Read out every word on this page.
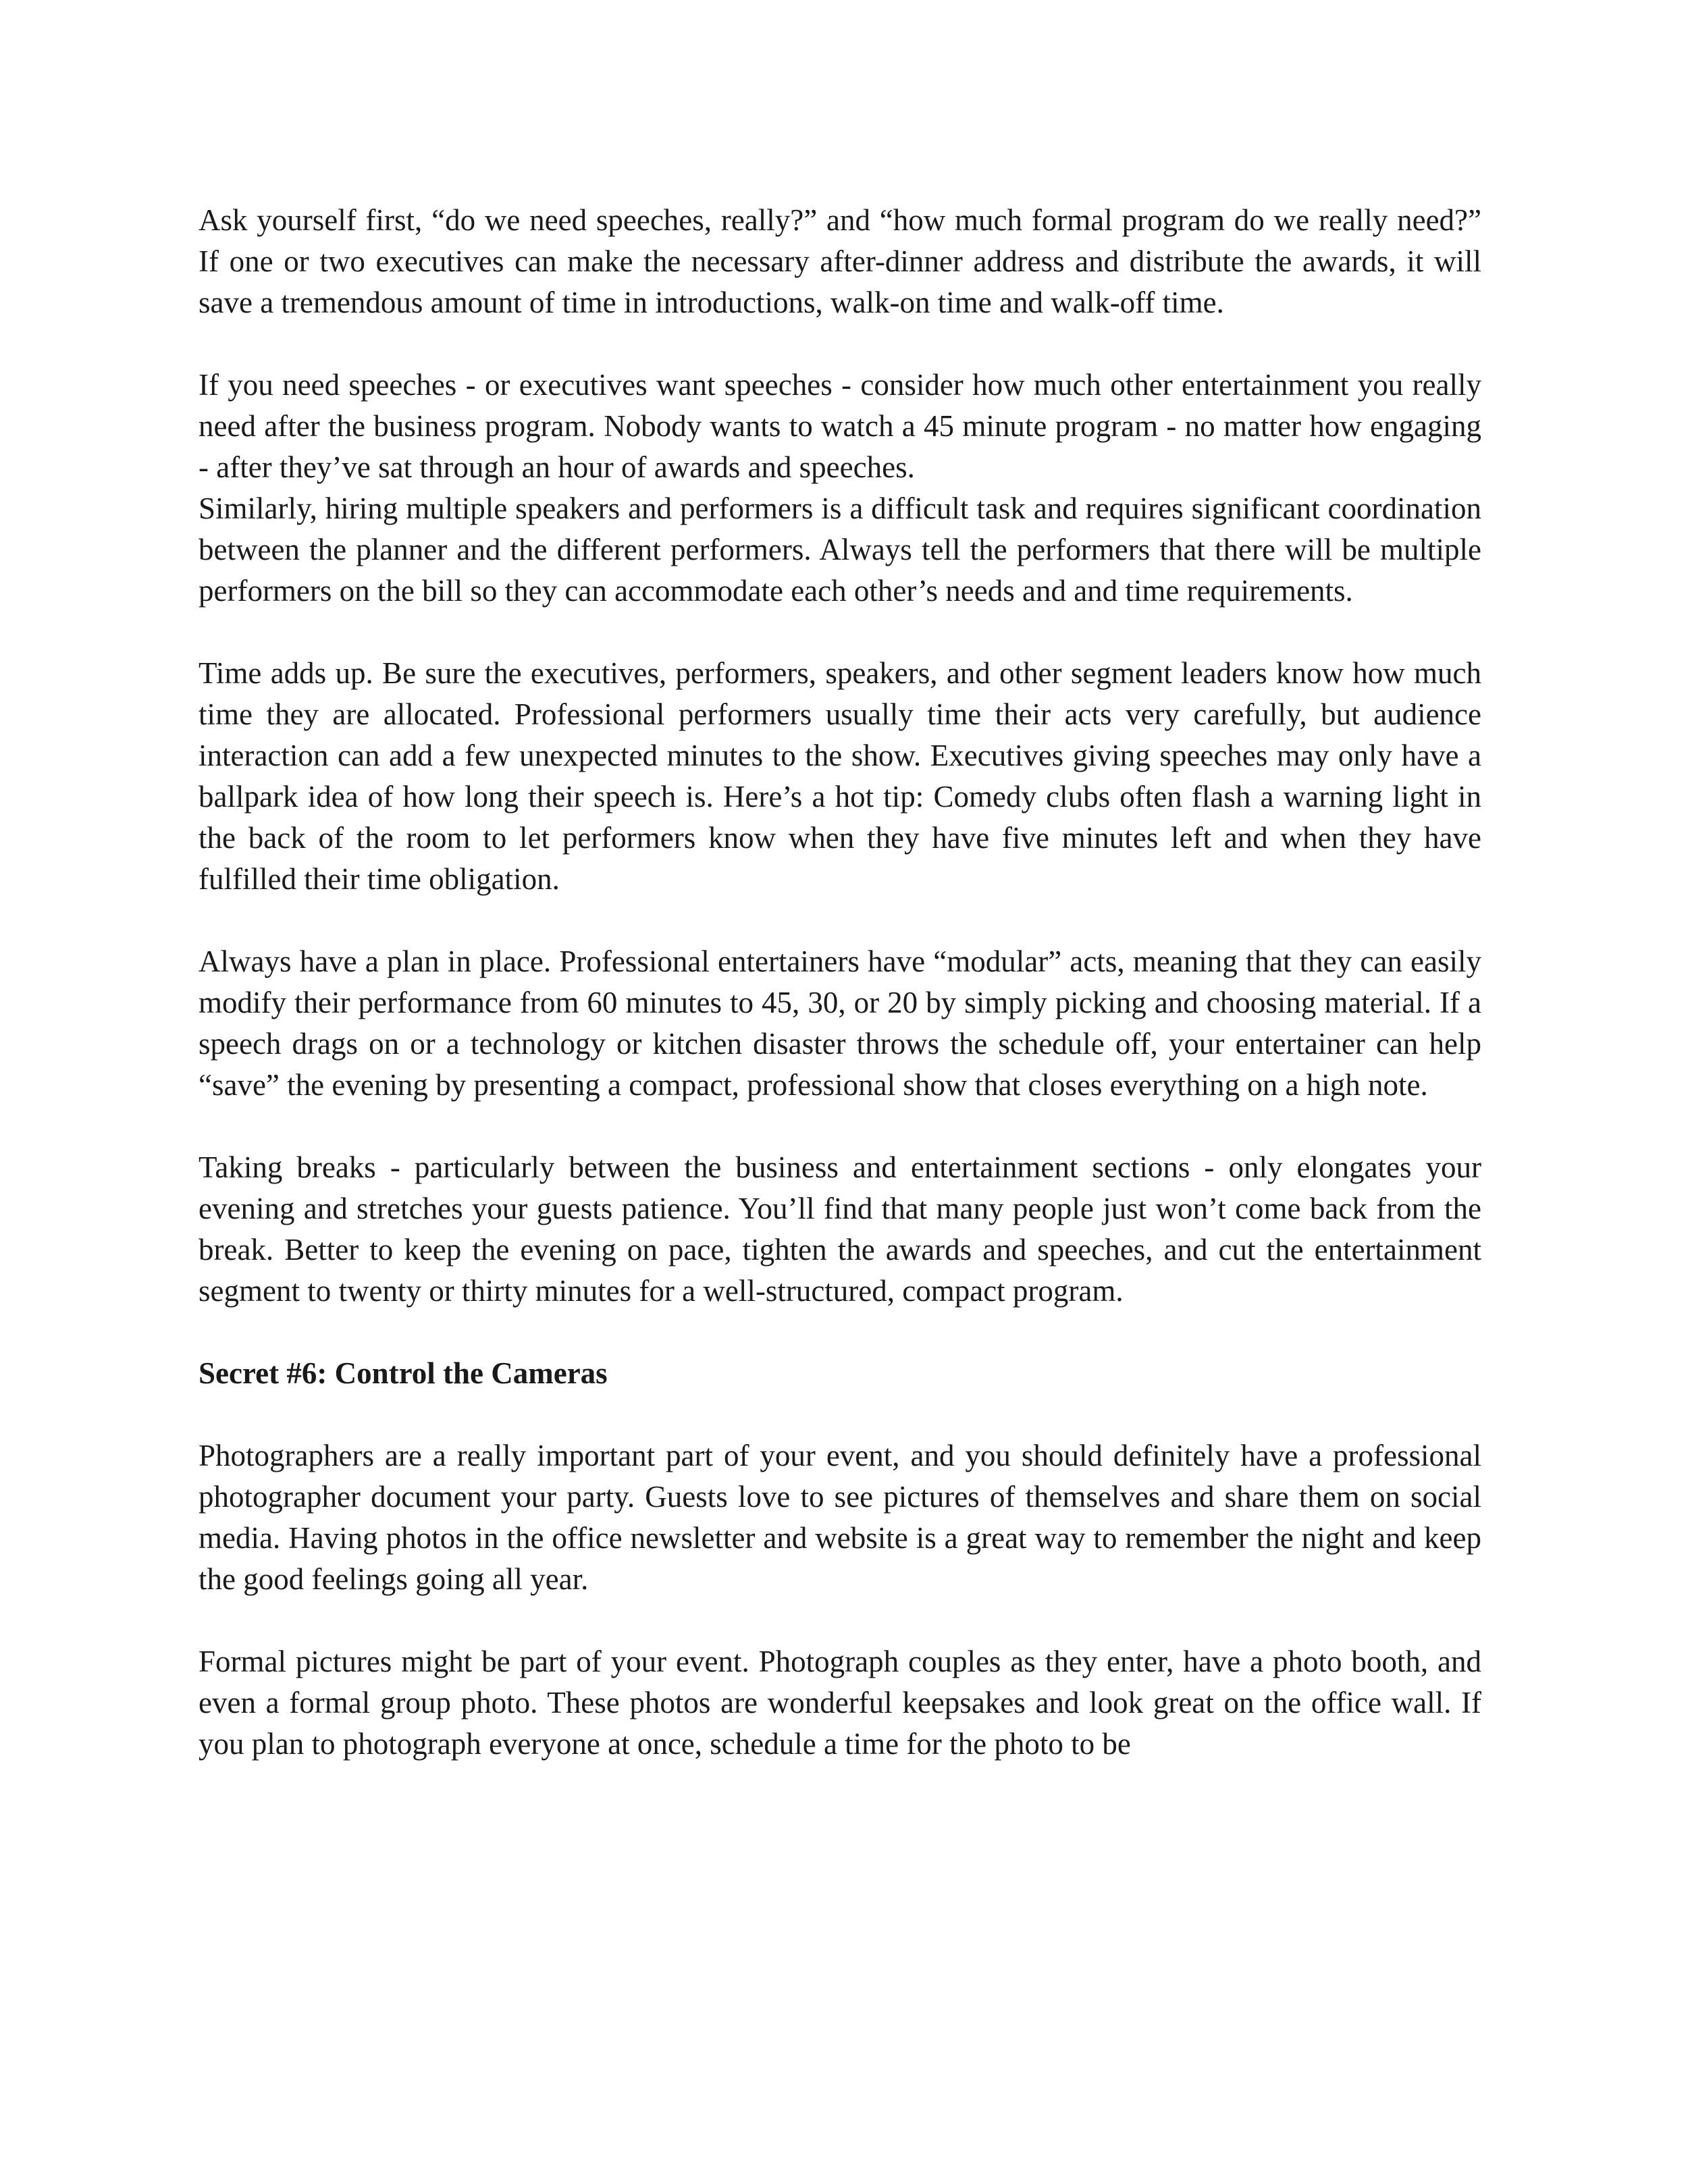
Ask yourself first, “do we need speeches, really?” and “how much formal program do we really need?” If one or two executives can make the necessary after-dinner address and distribute the awards, it will save a tremendous amount of time in introductions, walk-on time and walk-off time.

If you need speeches - or executives want speeches - consider how much other entertainment you really need after the business program. Nobody wants to watch a 45 minute program - no matter how engaging - after they’ve sat through an hour of awards and speeches.

Similarly, hiring multiple speakers and performers is a difficult task and requires significant coordination between the planner and the different performers. Always tell the performers that there will be multiple performers on the bill so they can accommodate each other’s needs and and time requirements.

Time adds up. Be sure the executives, performers, speakers, and other segment leaders know how much time they are allocated. Professional performers usually time their acts very carefully, but audience interaction can add a few unexpected minutes to the show. Executives giving speeches may only have a ballpark idea of how long their speech is. Here’s a hot tip: Comedy clubs often flash a warning light in the back of the room to let performers know when they have five minutes left and when they have fulfilled their time obligation.

Always have a plan in place. Professional entertainers have “modular” acts, meaning that they can easily modify their performance from 60 minutes to 45, 30, or 20 by simply picking and choosing material. If a speech drags on or a technology or kitchen disaster throws the schedule off, your entertainer can help “save” the evening by presenting a compact, professional show that closes everything on a high note.

Taking breaks - particularly between the business and entertainment sections - only elongates your evening and stretches your guests patience. You’ll find that many people just won’t come back from the break. Better to keep the evening on pace, tighten the awards and speeches, and cut the entertainment segment to twenty or thirty minutes for a well-structured, compact program.

Secret #6: Control the Cameras

Photographers are a really important part of your event, and you should definitely have a professional photographer document your party. Guests love to see pictures of themselves and share them on social media. Having photos in the office newsletter and website is a great way to remember the night and keep the good feelings going all year.

Formal pictures might be part of your event. Photograph couples as they enter, have a photo booth, and even a formal group photo. These photos are wonderful keepsakes and look great on the office wall. If you plan to photograph everyone at once, schedule a time for the photo to be
